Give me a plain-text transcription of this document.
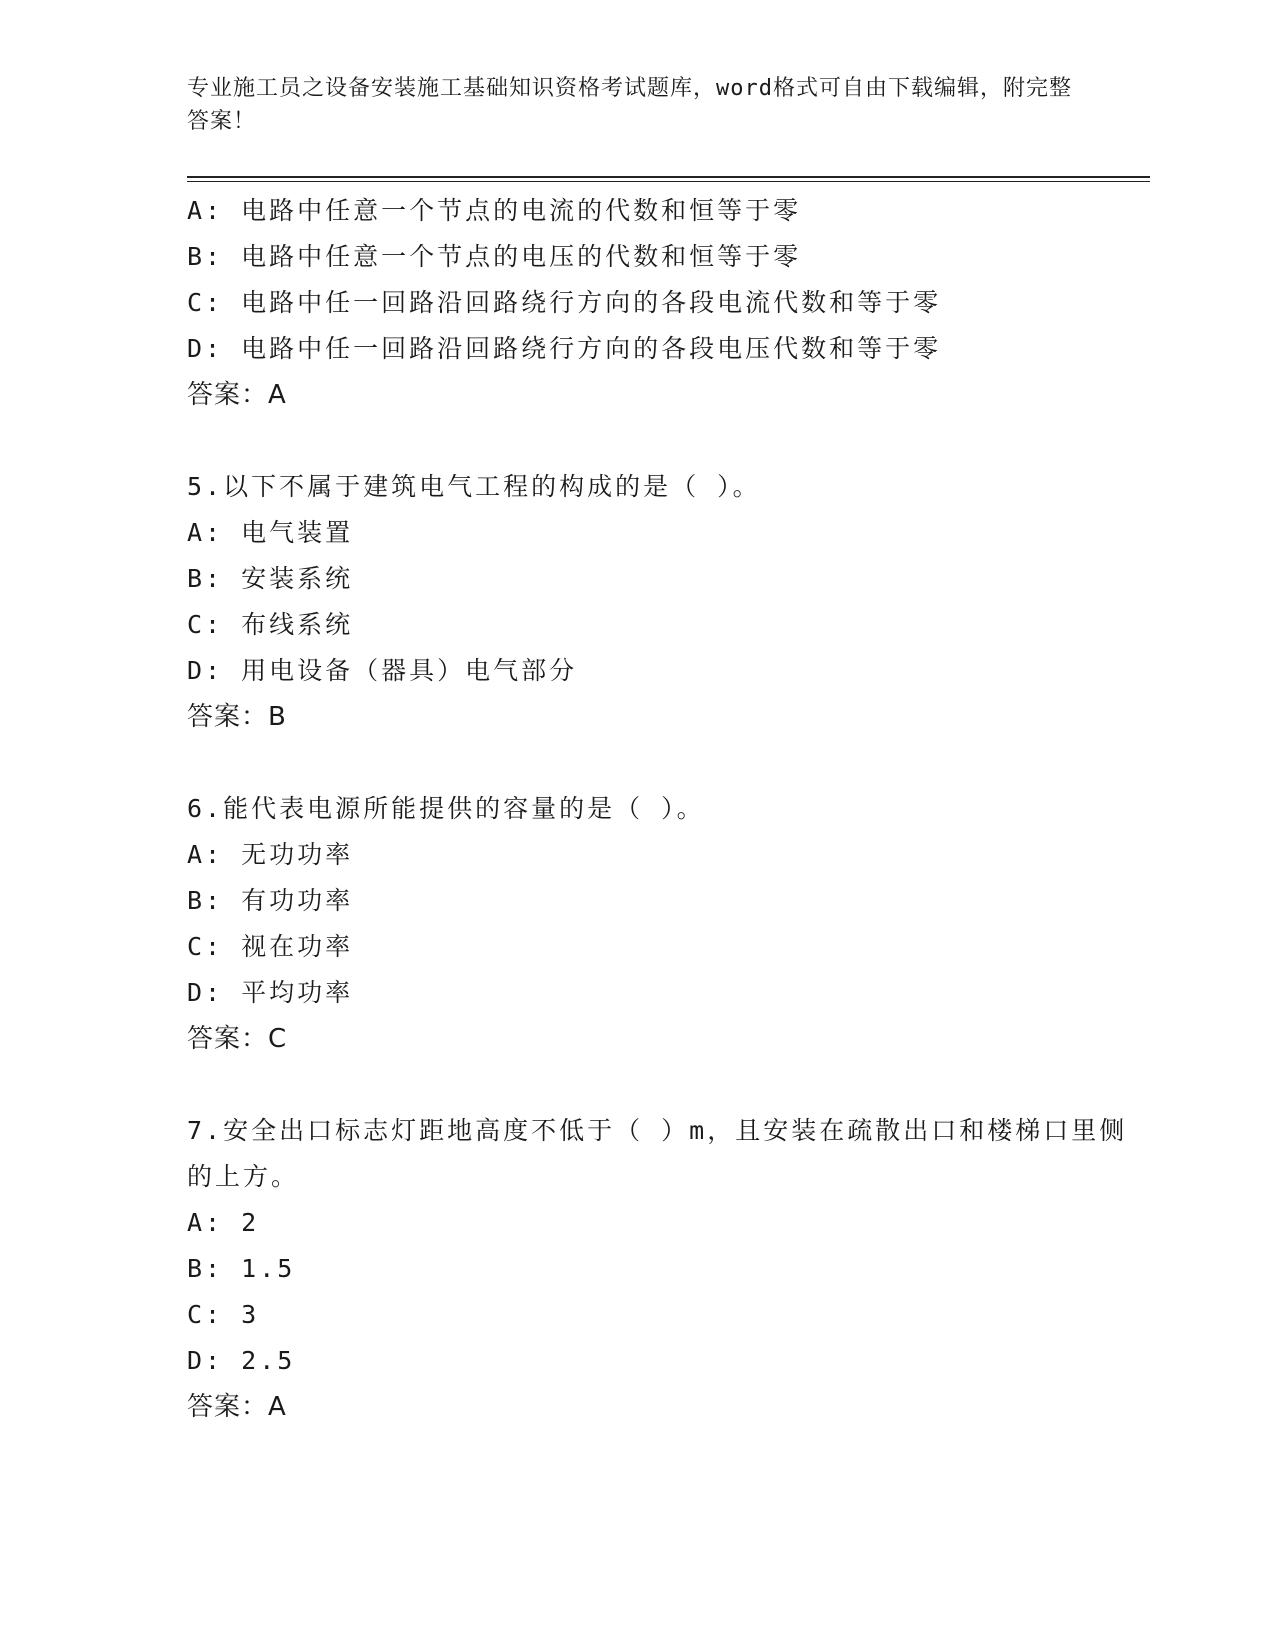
专业施工员之设备安装施工基础知识资格考试题库，word格式可自由下载编辑，附完整答案！
A: 电路中任意一个节点的电流的代数和恒等于零
B: 电路中任意一个节点的电压的代数和恒等于零
C: 电路中任一回路沿回路绕行方向的各段电流代数和等于零
D: 电路中任一回路沿回路绕行方向的各段电压代数和等于零
答案：A
5.以下不属于建筑电气工程的构成的是（ ）。
A: 电气装置
B: 安装系统
C: 布线系统
D: 用电设备（器具）电气部分
答案：B
6.能代表电源所能提供的容量的是（ ）。
A: 无功功率
B: 有功功率
C: 视在功率
D: 平均功率
答案：C
7.安全出口标志灯距地高度不低于（ ）m，且安装在疏散出口和楼梯口里侧的上方。
A: 2
B: 1.5
C: 3
D: 2.5
答案：A
